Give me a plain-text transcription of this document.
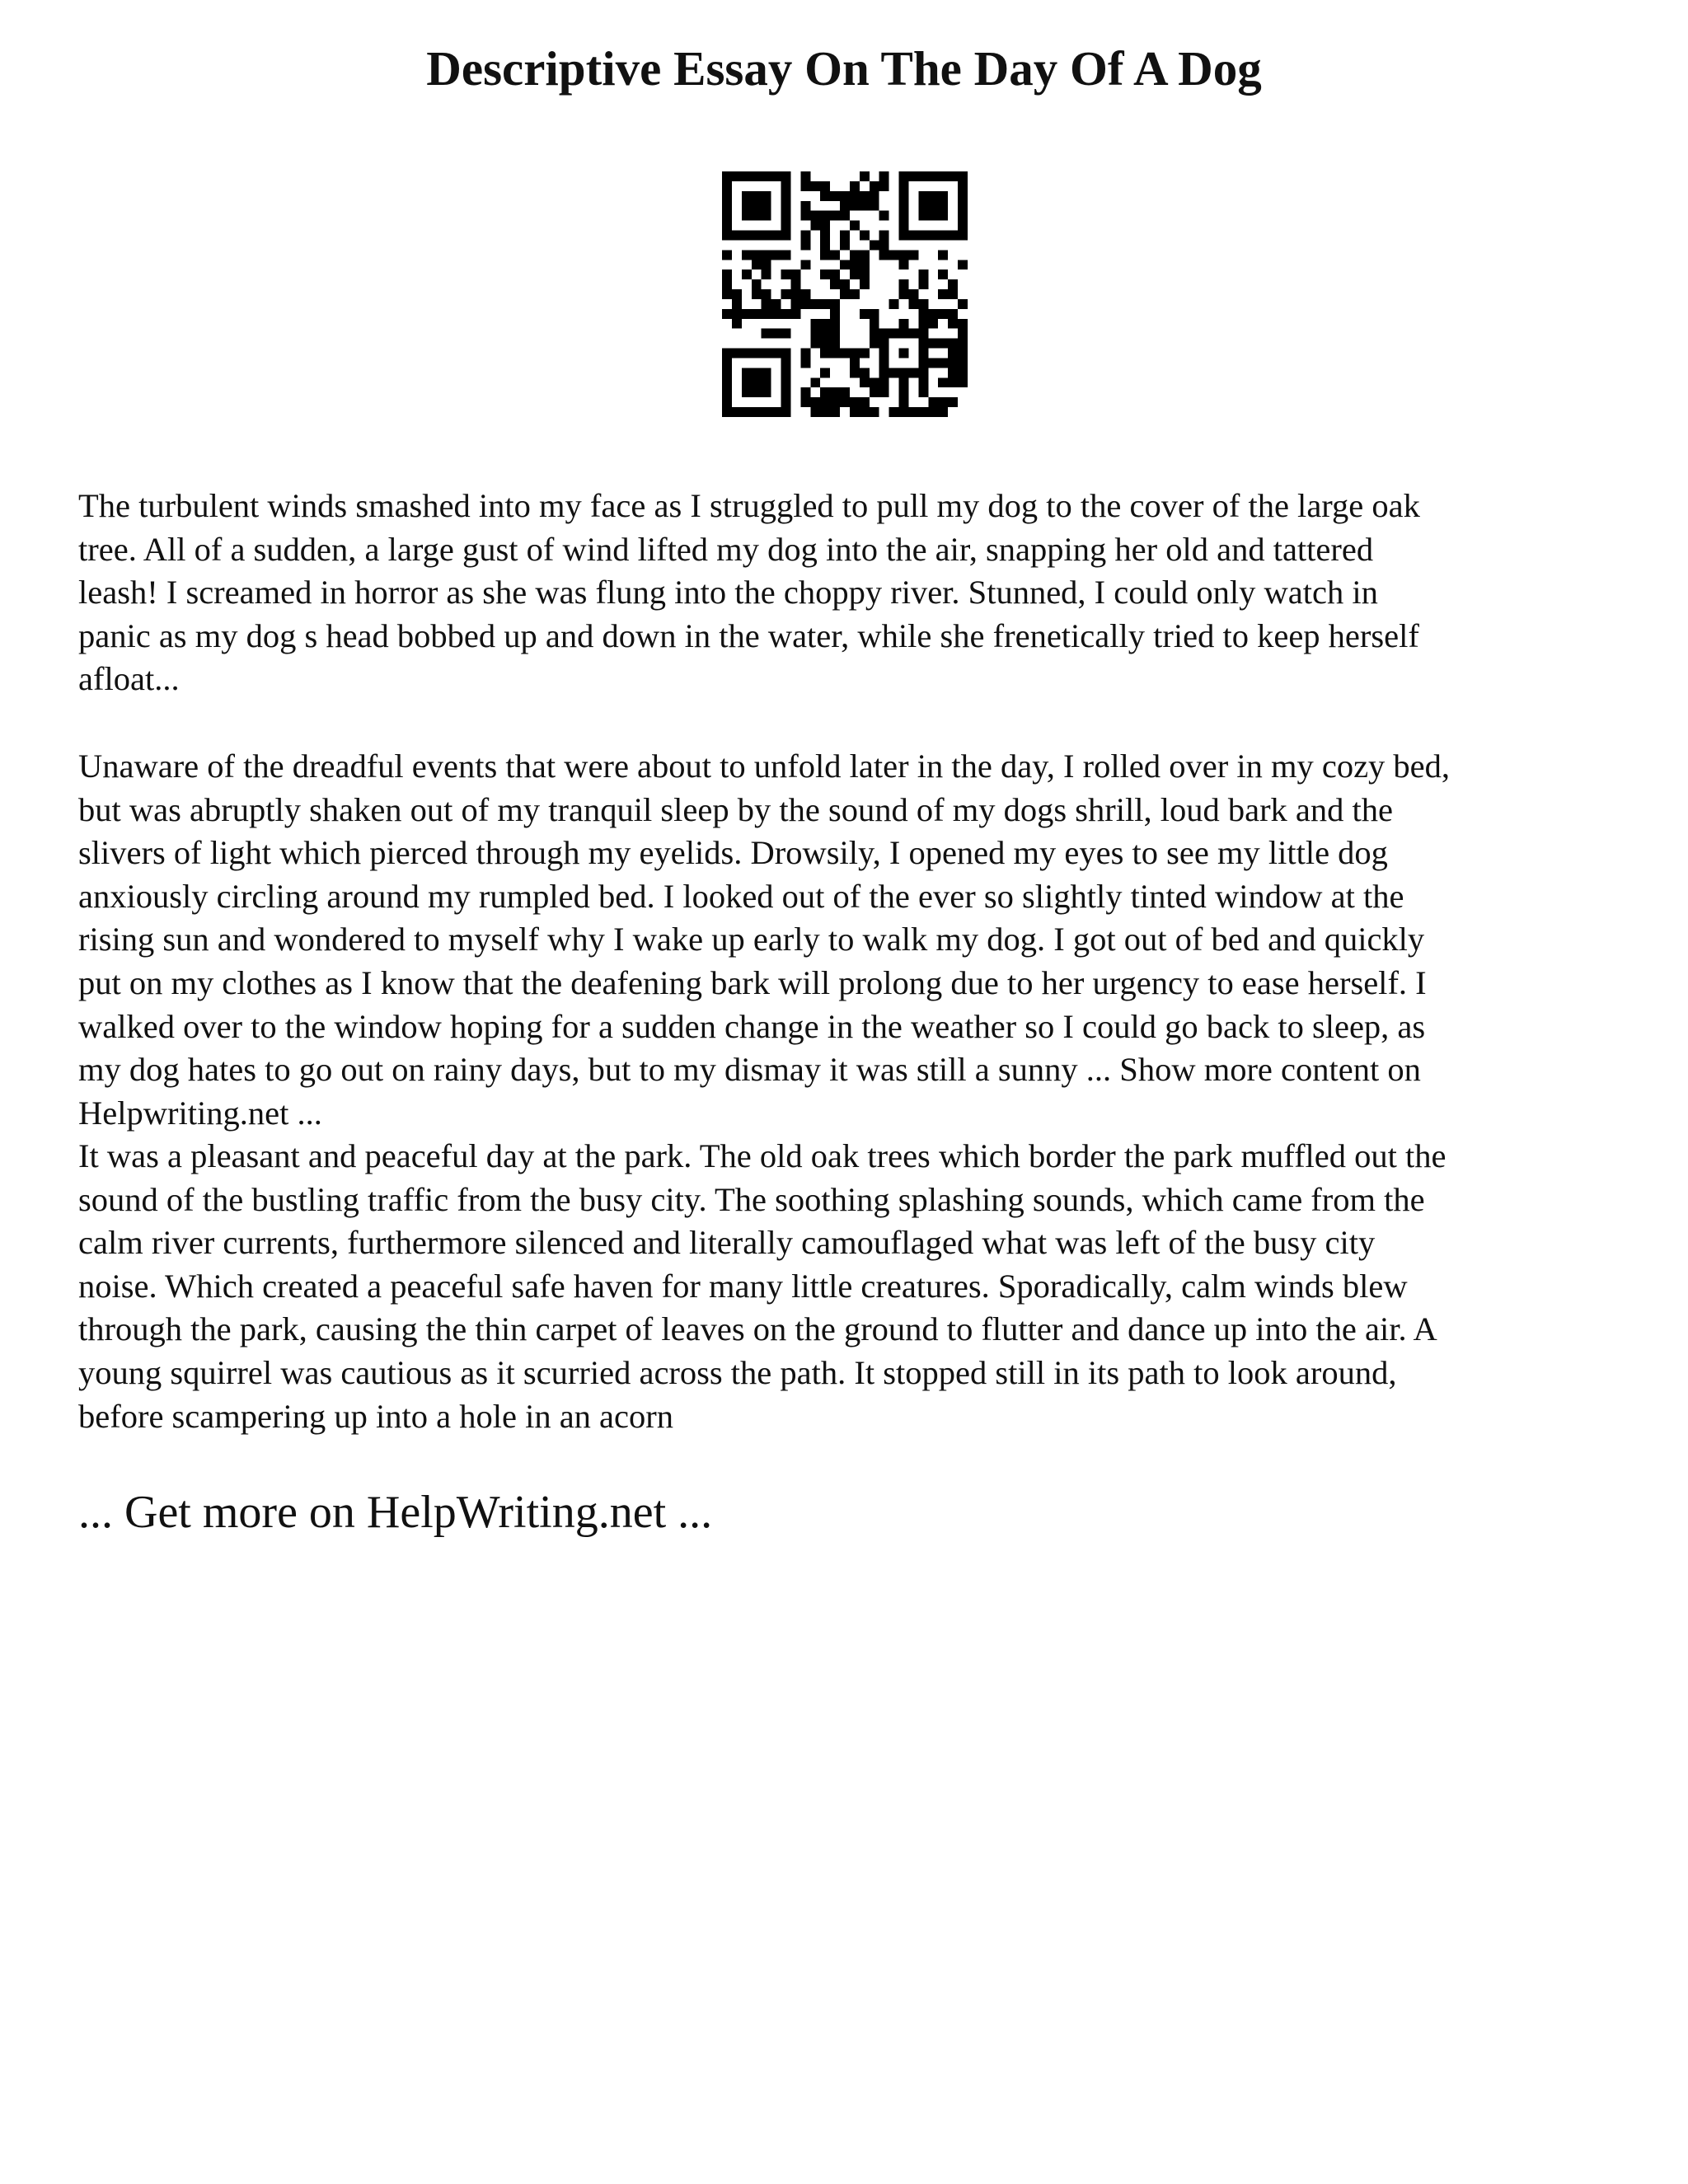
Descriptive Essay On The Day Of A Dog

The turbulent winds smashed into my face as I struggled to pull my dog to the cover of the large oak
tree. All of a sudden, a large gust of wind lifted my dog into the air, snapping her old and tattered
leash! I screamed in horror as she was flung into the choppy river. Stunned, I could only watch in
panic as my dog s head bobbed up and down in the water, while she frenetically tried to keep herself
afloat...

Unaware of the dreadful events that were about to unfold later in the day, I rolled over in my cozy bed,
but was abruptly shaken out of my tranquil sleep by the sound of my dogs shrill, loud bark and the
slivers of light which pierced through my eyelids. Drowsily, I opened my eyes to see my little dog
anxiously circling around my rumpled bed. I looked out of the ever so slightly tinted window at the
rising sun and wondered to myself why I wake up early to walk my dog. I got out of bed and quickly
put on my clothes as I know that the deafening bark will prolong due to her urgency to ease herself. I
walked over to the window hoping for a sudden change in the weather so I could go back to sleep, as
my dog hates to go out on rainy days, but to my dismay it was still a sunny ... Show more content on
Helpwriting.net ...

It was a pleasant and peaceful day at the park. The old oak trees which border the park muffled out the
sound of the bustling traffic from the busy city. The soothing splashing sounds, which came from the
calm river currents, furthermore silenced and literally camouflaged what was left of the busy city
noise. Which created a peaceful safe haven for many little creatures. Sporadically, calm winds blew
through the park, causing the thin carpet of leaves on the ground to flutter and dance up into the air. A
young squirrel was cautious as it scurried across the path. It stopped still in its path to look around,
before scampering up into a hole in an acorn

... Get more on HelpWriting.net ...
